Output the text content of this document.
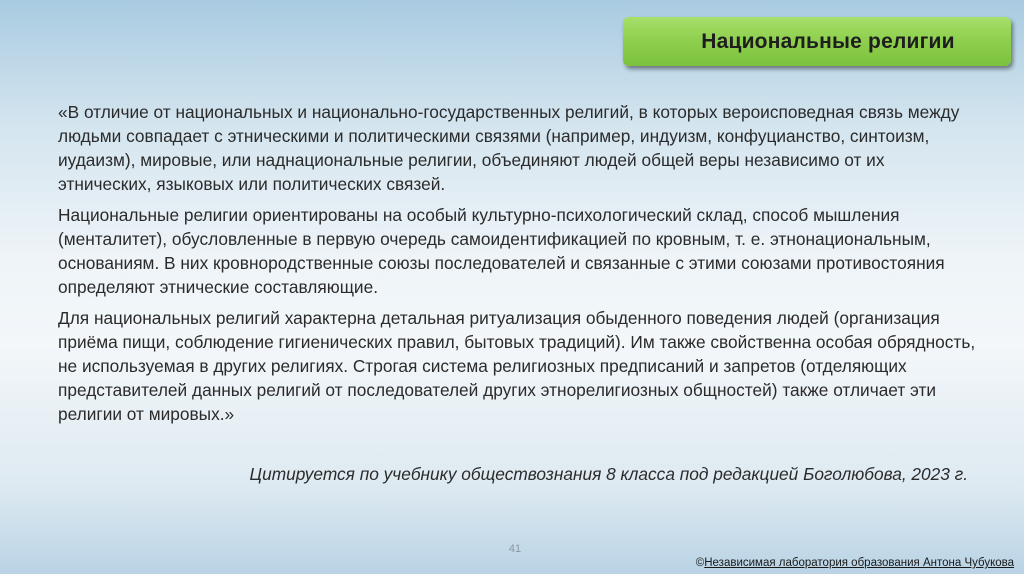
Национальные религии

«В отличие от национальных и национально-государственных религий, в которых вероисповедная связь между людьми совпадает с этническими и политическими связями (например, индуизм, конфуцианство, синтоизм, иудаизм), мировые, или наднациональные религии, объединяют людей общей веры независимо от их этнических, языковых или политических связей.

Национальные религии ориентированы на особый культурно-психологический склад, способ мышления (менталитет), обусловленные в первую очередь самоидентификацией по кровным, т. е. этнонациональным, основаниям. В них кровнородственные союзы последователей и связанные с этими союзами противостояния определяют этнические составляющие.

Для национальных религий характерна детальная ритуализация обыденного поведения людей (организация приёма пищи, соблюдение гигиенических правил, бытовых традиций). Им также свойственна особая обрядность, не используемая в других религиях. Строгая система религиозных предписаний и запретов (отделяющих представителей данных религий от последователей других этнорелигиозных общностей) также отличает эти религии от мировых.»

Цитируется по учебнику обществознания 8 класса под редакцией Боголюбова, 2023 г.
41
©Независимая лаборатория образования Антона Чубукова
